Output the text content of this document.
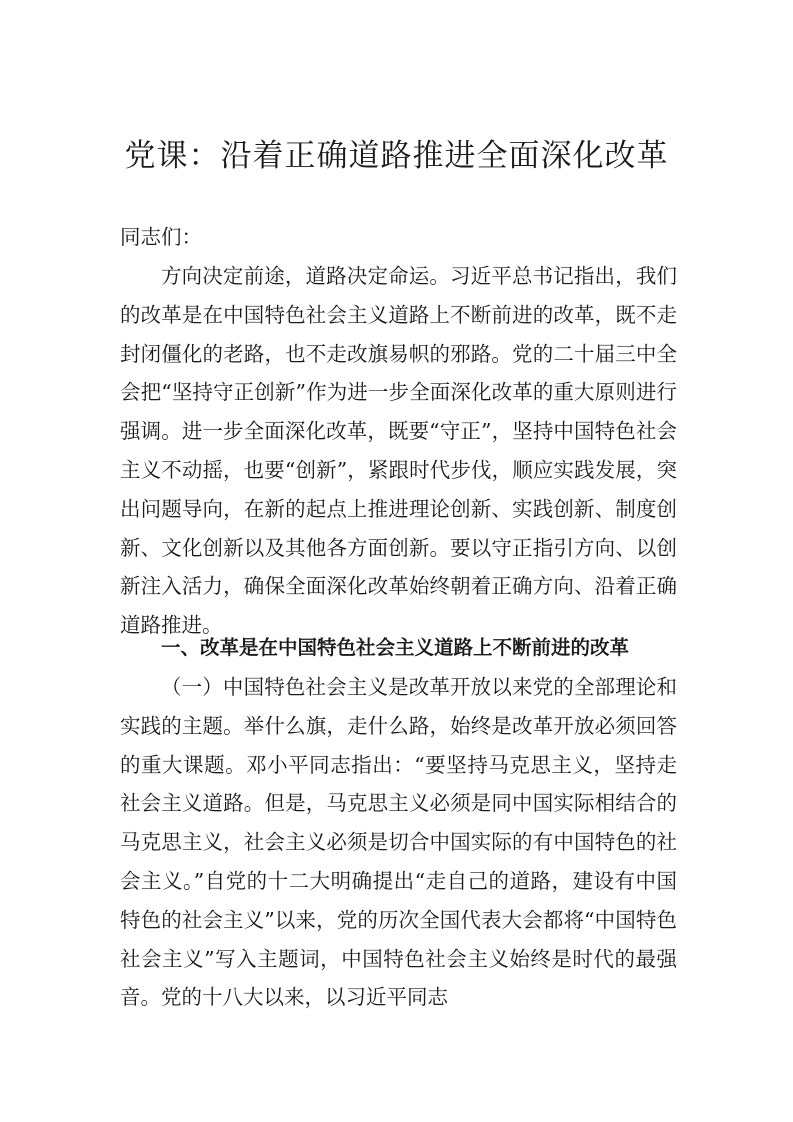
党课：沿着正确道路推进全面深化改革

同志们：

方向决定前途，道路决定命运。习近平总书记指出，我们的改革是在中国特色社会主义道路上不断前进的改革，既不走封闭僵化的老路，也不走改旗易帜的邪路。党的二十届三中全会把“坚持守正创新”作为进一步全面深化改革的重大原则进行强调。进一步全面深化改革，既要“守正”，坚持中国特色社会主义不动摇，也要“创新”，紧跟时代步伐，顺应实践发展，突出问题导向，在新的起点上推进理论创新、实践创新、制度创新、文化创新以及其他各方面创新。要以守正指引方向、以创新注入活力，确保全面深化改革始终朝着正确方向、沿着正确道路推进。

一、改革是在中国特色社会主义道路上不断前进的改革

（一）中国特色社会主义是改革开放以来党的全部理论和实践的主题。举什么旗，走什么路，始终是改革开放必须回答的重大课题。邓小平同志指出：“要坚持马克思主义，坚持走社会主义道路。但是，马克思主义必须是同中国实际相结合的马克思主义，社会主义必须是切合中国实际的有中国特色的社会主义。”自党的十二大明确提出“走自己的道路，建设有中国特色的社会主义”以来，党的历次全国代表大会都将“中国特色社会主义”写入主题词，中国特色社会主义始终是时代的最强音。党的十八大以来，以习近平同志
